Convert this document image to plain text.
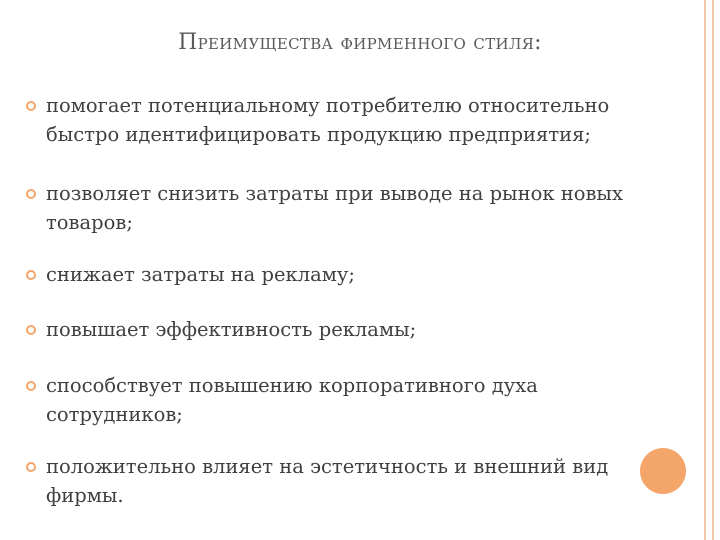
Преимущества фирменного стиля:
помогает потенциальному потребителю относительно быстро идентифицировать продукцию предприятия;
позволяет снизить затраты при выводе на рынок новых товаров;
снижает затраты на рекламу;
повышает эффективность рекламы;
способствует повышению корпоративного духа сотрудников;
положительно влияет на эстетичность и внешний вид фирмы.
